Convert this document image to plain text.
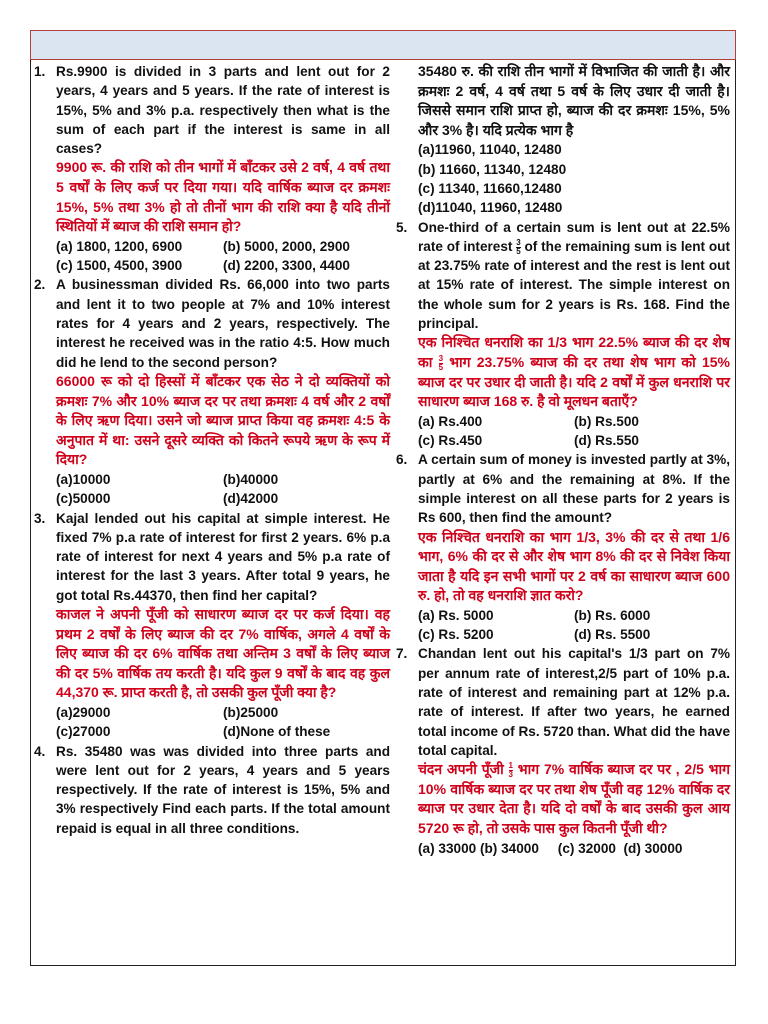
1. Rs.9900 is divided in 3 parts and lent out for 2 years, 4 years and 5 years. If the rate of interest is 15%, 5% and 3% p.a. respectively then what is the sum of each part if the interest is same in all cases?

9900 रू. की राशि को तीन भागों में बाँटकर उसे 2 वर्ष, 4 वर्ष तथा 5 वर्षों के लिए कर्ज पर दिया गया। यदि वार्षिक ब्याज दर क्रमशः 15%, 5% तथा 3% हो तो तीनों भाग की राशि क्या है यदि तीनों स्थितियों में ब्याज की राशि समान हो?

(a) 1800, 1200, 6900	(b) 5000, 2000, 2900
(c) 1500, 4500, 3900	(d) 2200, 3300, 4400
2. A businessman divided Rs. 66,000 into two parts and lent it to two people at 7% and 10% interest rates for 4 years and 2 years, respectively. The interest he received was in the ratio 4:5. How much did he lend to the second person?

66000 रू को दो हिस्सों में बाँटकर एक सेठ ने दो व्यक्तियों को क्रमशः 7% और 10% ब्याज दर पर तथा क्रमशः 4 वर्ष और 2 वर्षों के लिए ऋण दिया। उसने जो ब्याज प्राप्त किया वह क्रमशः 4:5 के अनुपात में था: उसने दूसरे व्यक्ति को कितने रूपये ऋण के रूप में दिया?

(a)10000	(b)40000
(c)50000	(d)42000
3. Kajal lended out his capital at simple interest. He fixed 7% p.a rate of interest for first 2 years. 6% p.a rate of interest for next 4 years and 5% p.a rate of interest for the last 3 years. After total 9 years, he got total Rs.44370, then find her capital?

काजल ने अपनी पूँजी को साधारण ब्याज दर पर कर्ज दिया। वह प्रथम 2 वर्षों के लिए ब्याज की दर 7% वार्षिक, अगले 4 वर्षों के लिए ब्याज की दर 6% वार्षिक तथा अन्तिम 3 वर्षों के लिए ब्याज की दर 5% वार्षिक तय करती है। यदि कुल 9 वर्षों के बाद वह कुल 44,370 रू. प्राप्त करती है, तो उसकी कुल पूँजी क्या है?

(a)29000	(b)25000
(c)27000	(d)None of these
4. Rs. 35480 was was divided into three parts and were lent out for 2 years, 4 years and 5 years respectively. If the rate of interest is 15%, 5% and 3% respectively Find each parts. If the total amount repaid is equal in all three conditions.

35480 रु. की राशि तीन भागों में विभाजित की जाती है। और क्रमशः 2 वर्ष, 4 वर्ष तथा 5 वर्ष के लिए उधार दी जाती है। जिससे समान राशि प्राप्त हो, ब्याज की दर क्रमशः 15%, 5% और 3% है। यदि प्रत्येक भाग है

(a)11960, 11040, 12480
(b) 11660, 11340, 12480
(c) 11340, 11660,12480
(d)11040, 11960, 12480
5. One-third of a certain sum is lent out at 22.5% rate of interest $\frac{3}{5}$ of the remaining sum is lent out at 23.75% rate of interest and the rest is lent out at 15% rate of interest. The simple interest on the whole sum for 2 years is Rs. 168. Find the principal.

एक निश्चित धनराशि का 1/3 भाग 22.5% ब्याज की दर शेष का $\frac{3}{5}$ भाग 23.75% ब्याज की दर तथा शेष भाग को 15% ब्याज दर पर उधार दी जाती है। यदि 2 वर्षों में कुल धनराशि पर साधारण ब्याज 168 रु. है वो मूलधन बताएँ?

(a) Rs.400	(b) Rs.500
(c) Rs.450	(d) Rs.550
6. A certain sum of money is invested partly at 3%, partly at 6% and the remaining at 8%. If the simple interest on all these parts for 2 years is Rs 600, then find the amount?

एक निश्चित धनराशि का भाग 1/3, 3% की दर से तथा 1/6 भाग, 6% की दर से और शेष भाग 8% की दर से निवेश किया जाता है यदि इन सभी भागों पर 2 वर्ष का साधारण ब्याज 600 रु. हो, तो वह धनराशि ज्ञात करो?

(a) Rs. 5000	(b) Rs. 6000
(c) Rs. 5200	(d) Rs. 5500
7. Chandan lent out his capital's 1/3 part on 7% per annum rate of interest,2/5 part of 10% p.a. rate of interest and remaining part at 12% p.a. rate of interest. If after two years, he earned total income of Rs. 5720 than. What did the have total capital.

चंदन अपनी पूँजी $\frac{1}{3}$ भाग 7% वार्षिक ब्याज दर पर , 2/5 भाग 10% वार्षिक ब्याज दर पर तथा शेष पूँजी वह 12% वार्षिक दर ब्याज पर उधार देता है। यदि दो वर्षों के बाद उसकी कुल आय 5720 रू हो, तो उसके पास कुल कितनी पूँजी थी?

(a) 33000 (b) 34000     (c) 32000  (d) 30000
